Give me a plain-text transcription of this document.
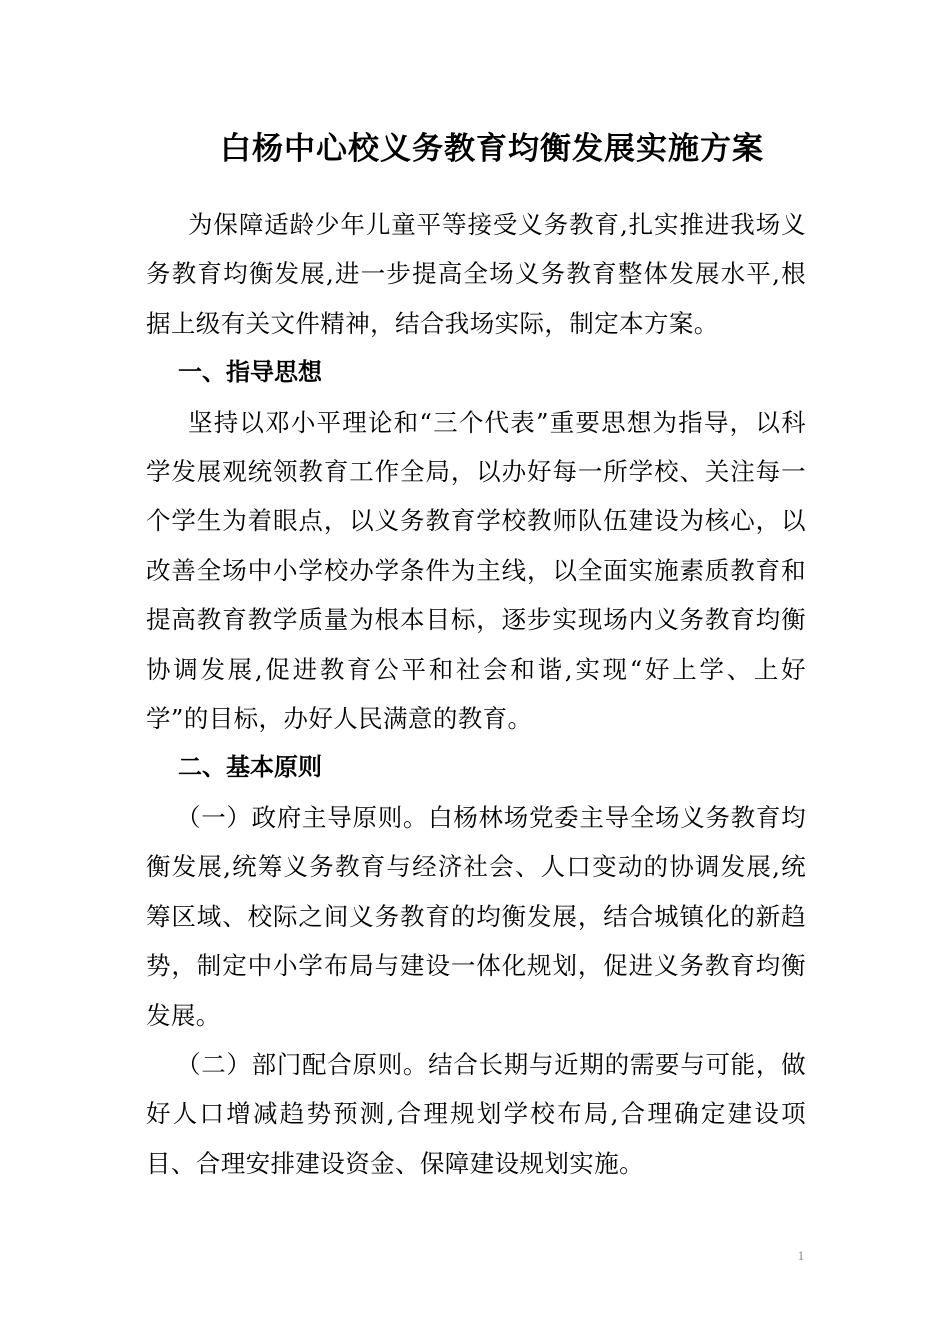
白杨中心校义务教育均衡发展实施方案

为保障适龄少年儿童平等接受义务教育,扎实推进我场义务教育均衡发展,进一步提高全场义务教育整体发展水平,根据上级有关文件精神，结合我场实际，制定本方案。

一、指导思想

坚持以邓小平理论和“三个代表”重要思想为指导，以科学发展观统领教育工作全局，以办好每一所学校、关注每一个学生为着眼点，以义务教育学校教师队伍建设为核心，以改善全场中小学校办学条件为主线，以全面实施素质教育和提高教育教学质量为根本目标，逐步实现场内义务教育均衡协调发展,促进教育公平和社会和谐,实现“好上学、上好学”的目标，办好人民满意的教育。

二、基本原则

（一）政府主导原则。白杨林场党委主导全场义务教育均衡发展,统筹义务教育与经济社会、人口变动的协调发展,统筹区域、校际之间义务教育的均衡发展，结合城镇化的新趋势，制定中小学布局与建设一体化规划，促进义务教育均衡发展。

（二）部门配合原则。结合长期与近期的需要与可能，做好人口增减趋势预测,合理规划学校布局,合理确定建设项目、合理安排建设资金、保障建设规划实施。

1
